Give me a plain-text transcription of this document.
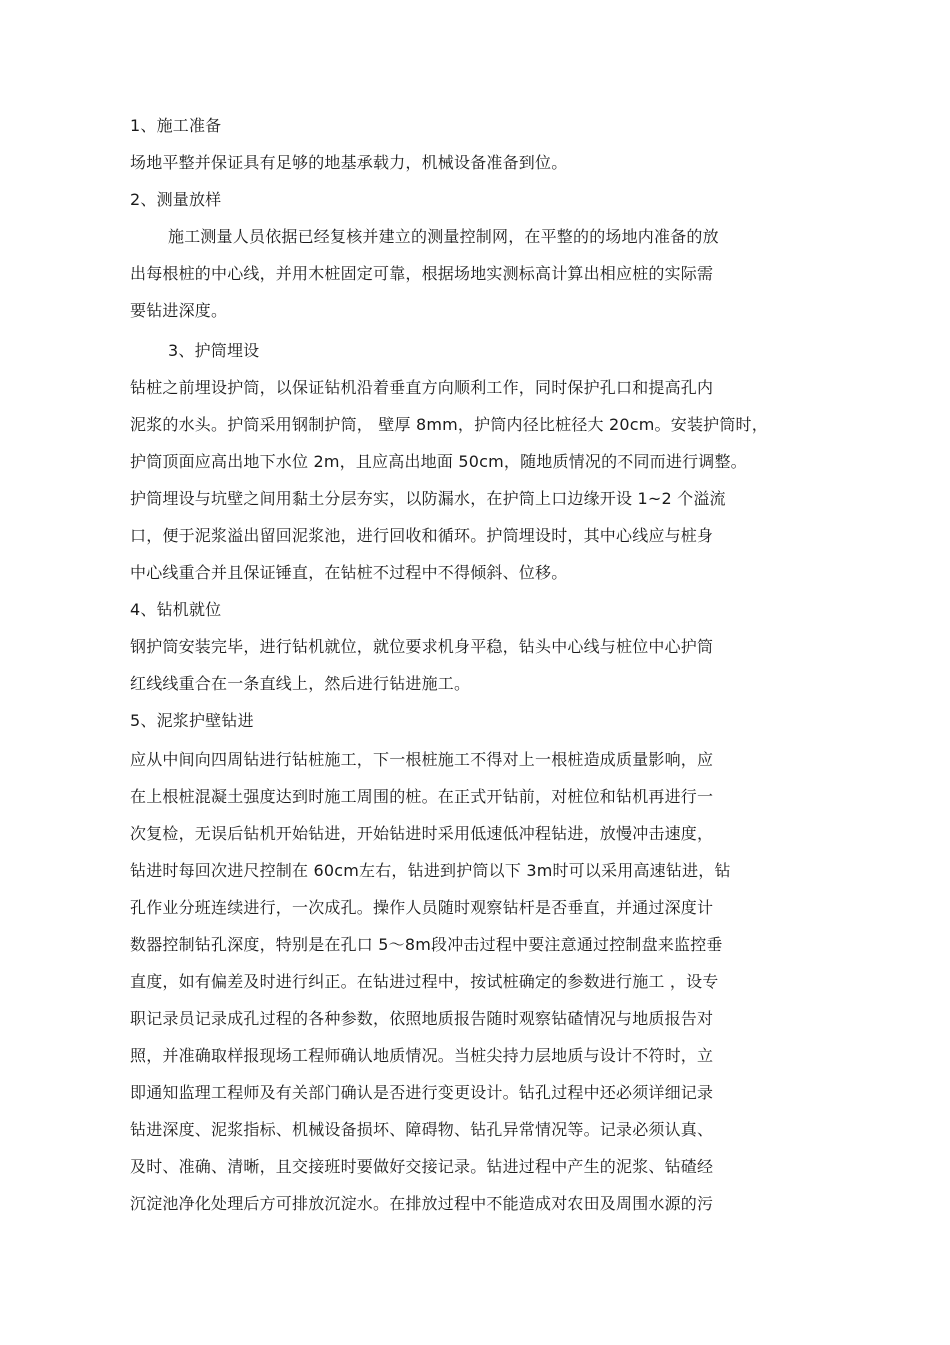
1、施工准备
场地平整并保证具有足够的地基承载力，机械设备准备到位。
2、测量放样
施工测量人员依据已经复核并建立的测量控制网，在平整的的场地内准备的放
出每根桩的中心线，并用木桩固定可靠，根据场地实测标高计算出相应桩的实际需
要钻进深度。
3、护筒埋设
钻桩之前埋设护筒，以保证钻机沿着垂直方向顺利工作，同时保护孔口和提高孔内
泥浆的水头。护筒采用钢制护筒， 壁厚 8mm，护筒内径比桩径大 20cm。安装护筒时，
护筒顶面应高出地下水位 2m，且应高出地面 50cm，随地质情况的不同而进行调整。
护筒埋设与坑壁之间用黏土分层夯实，以防漏水，在护筒上口边缘开设 1~2 个溢流
口，便于泥浆溢出留回泥浆池，进行回收和循环。护筒埋设时，其中心线应与桩身
中心线重合并且保证锤直，在钻桩不过程中不得倾斜、位移。
4、钻机就位
钢护筒安装完毕，进行钻机就位，就位要求机身平稳，钻头中心线与桩位中心护筒
红线线重合在一条直线上，然后进行钻进施工。
5、泥浆护壁钻进
应从中间向四周钻进行钻桩施工，下一根桩施工不得对上一根桩造成质量影响，应
在上根桩混凝土强度达到时施工周围的桩。在正式开钻前，对桩位和钻机再进行一
次复检，无误后钻机开始钻进，开始钻进时采用低速低冲程钻进，放慢冲击速度，
钻进时每回次进尺控制在 60cm左右，钻进到护筒以下 3m时可以采用高速钻进，钻
孔作业分班连续进行，一次成孔。操作人员随时观察钻杆是否垂直，并通过深度计
数器控制钻孔深度，特别是在孔口 5～8m段冲击过程中要注意通过控制盘来监控垂
直度，如有偏差及时进行纠正。在钻进过程中，按试桩确定的参数进行施工 ，设专
职记录员记录成孔过程的各种参数，依照地质报告随时观察钻碴情况与地质报告对
照，并准确取样报现场工程师确认地质情况。当桩尖持力层地质与设计不符时，立
即通知监理工程师及有关部门确认是否进行变更设计。钻孔过程中还必须详细记录
钻进深度、泥浆指标、机械设备损坏、障碍物、钻孔异常情况等。记录必须认真、
及时、准确、清晰，且交接班时要做好交接记录。钻进过程中产生的泥浆、钻碴经
沉淀池净化处理后方可排放沉淀水。在排放过程中不能造成对农田及周围水源的污
